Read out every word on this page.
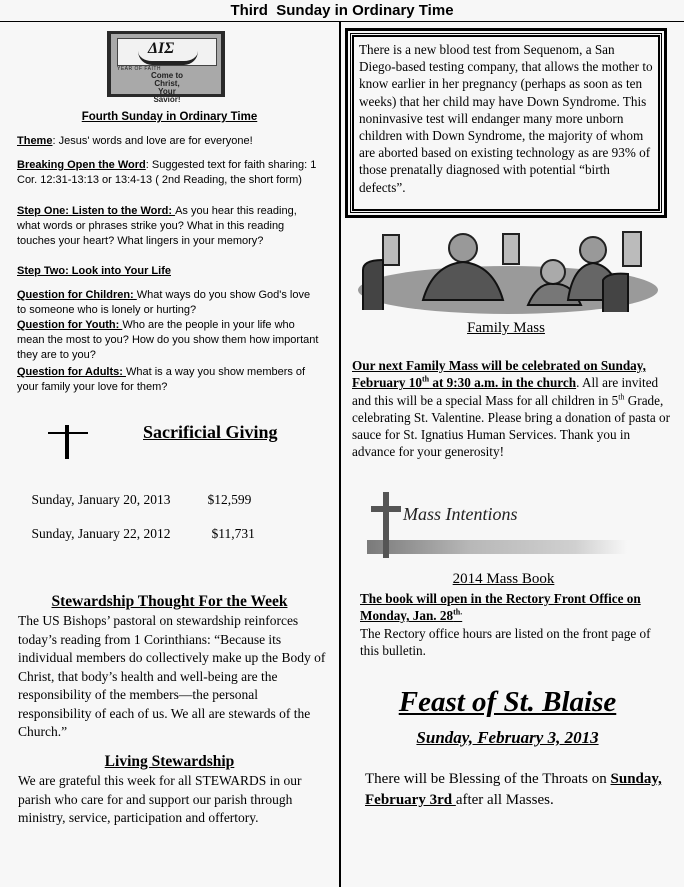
Third  Sunday in Ordinary Time
ΔΙΣ
YEAR OF FAITH
Come to
Christ,
Your
Savior!
Fourth Sunday in Ordinary Time
Theme: Jesus' words and love are for everyone!
Breaking Open the Word: Suggested text for faith sharing: 1 Cor. 12:31-13:13 or 13:4-13 ( 2nd Reading, the short form)
Step One: Listen to the Word: As you hear this reading, what words or phrases strike you? What in this reading touches your heart? What lingers in your memory?
Step Two: Look into Your Life
Question for Children: What ways do you show God's love to someone who is lonely or hurting?
Question for Youth: Who are the people in your life who mean the most to you? How do you show them how important they are to you?
Question for Adults: What is a way you show members of your family your love for them?
Sacrificial Giving

Sunday, January 20, 2013	$12,599

Sunday, January 22, 2012	$11,731

Stewardship Thought For the Week
The US Bishops’ pastoral on stewardship reinforces today’s reading from 1 Corinthians: “Because its individual members do collectively make up the Body of Christ, that body’s health and well-being are the responsibility of the members—the personal responsibility of each of us. We all are stewards of the Church.”
Living Stewardship
We are grateful this week for all STEWARDS in our parish who care for and support our parish through ministry, service, participation and offertory.
There is a new blood test from Sequenom, a San Diego-based testing company, that allows the mother to know earlier in her pregnancy (perhaps as soon as ten weeks) that her child may have Down Syndrome. This noninvasive test will endanger many more unborn children with Down Syndrome, the majority of whom are aborted based on existing technology as are 93% of those prenatally diagnosed with potential “birth defects”.
Family Mass
Our next Family Mass will be celebrated on Sunday, February 10th at 9:30 a.m. in the church. All are invited and this will be a special Mass for all children in 5th Grade, celebrating St. Valentine. Please bring a donation of pasta or sauce for St. Ignatius Human Services. Thank you in advance for your generosity!
Mass Intentions
2014 Mass Book
The book will open in the Rectory Front Office on Monday, Jan. $28^{th.}$
The Rectory office hours are listed on the front page of this bulletin.
Feast of St. Blaise
Sunday, February 3, 2013
There will be Blessing of the Throats on Sunday, February 3rd after all Masses.
